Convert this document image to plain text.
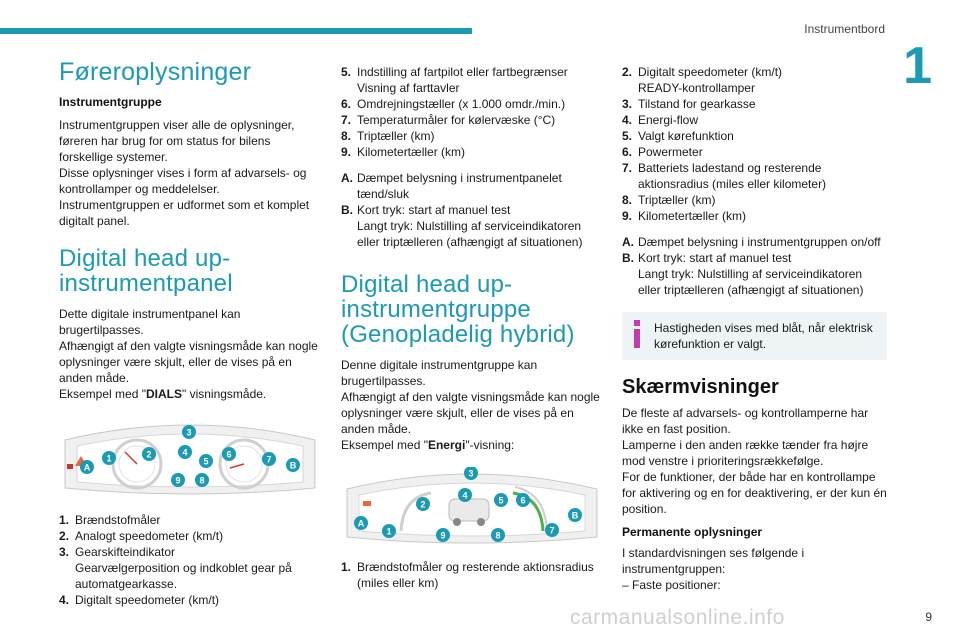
Instrumentbord
1
Føreroplysninger
Instrumentgruppe

Instrumentgruppen viser alle de oplysninger, føreren har brug for om status for bilens forskellige systemer.

Disse oplysninger vises i form af advarsels- og kontrollamper og meddelelser.

Instrumentgruppen er udformet som et komplet digitalt panel.

Digital head up-instrumentpanel

Dette digitale instrumentpanel kan brugertilpasses.

Afhængigt af den valgte visningsmåde kan nogle oplysninger være skjult, eller de vises på en anden måde.

Eksempel med "DIALS" visningsmåde.

3
1	2	4
5
6	7
A	B
9 8
1. Brændstofmåler
2. Analogt speedometer (km/t)
3. Gearskifteindikator
Gearvælgerposition og indkoblet gear på automatgearkasse.
4. Digitalt speedometer (km/t)
5. Indstilling af fartpilot eller fartbegrænser
Visning af farttavler
6. Omdrejningstæller (x 1.000 omdr./min.)
7. Temperaturmåler for kølervæske (°C)
8. Triptæller (km)
9. Kilometertæller (km)
A. Dæmpet belysning i instrumentpanelet tænd/sluk
B. Kort tryk: start af manuel test
Langt tryk: Nulstilling af serviceindikatoren eller triptælleren (afhængigt af situationen)
Digital head up-instrumentgruppe (Genopladelig hybrid)

Denne digitale instrumentgruppe kan brugertilpasses.

Afhængigt af den valgte visningsmåde kan nogle oplysninger være skjult, eller de vises på en anden måde.

Eksempel med "Energi"-visning:

3
2
4	5 6
A
B
1	9	8	7
1. Brændstofmåler og resterende aktionsradius (miles eller km)
2. Digitalt speedometer (km/t)
READY-kontrollamper
3. Tilstand for gearkasse
4. Energi-flow
5. Valgt kørefunktion
6. Powermeter
7. Batteriets ladestand og resterende aktionsradius (miles eller kilometer)
8. Triptæller (km)
9. Kilometertæller (km)
A. Dæmpet belysning i instrumentgruppen on/off
B. Kort tryk: start af manuel test
Langt tryk: Nulstilling af serviceindikatoren eller triptælleren (afhængigt af situationen)
Hastigheden vises med blåt, når elektrisk kørefunktion er valgt.
Skærmvisninger

De fleste af advarsels- og kontrollamperne har ikke en fast position.

Lamperne i den anden række tænder fra højre mod venstre i prioriteringsrækkefølge.

For de funktioner, der både har en kontrollampe for aktivering og en for deaktivering, er der kun én position.

Permanente oplysninger

I standardvisningen ses følgende i instrumentgruppen:

– Faste positioner:

carmanualsonline.info	9
